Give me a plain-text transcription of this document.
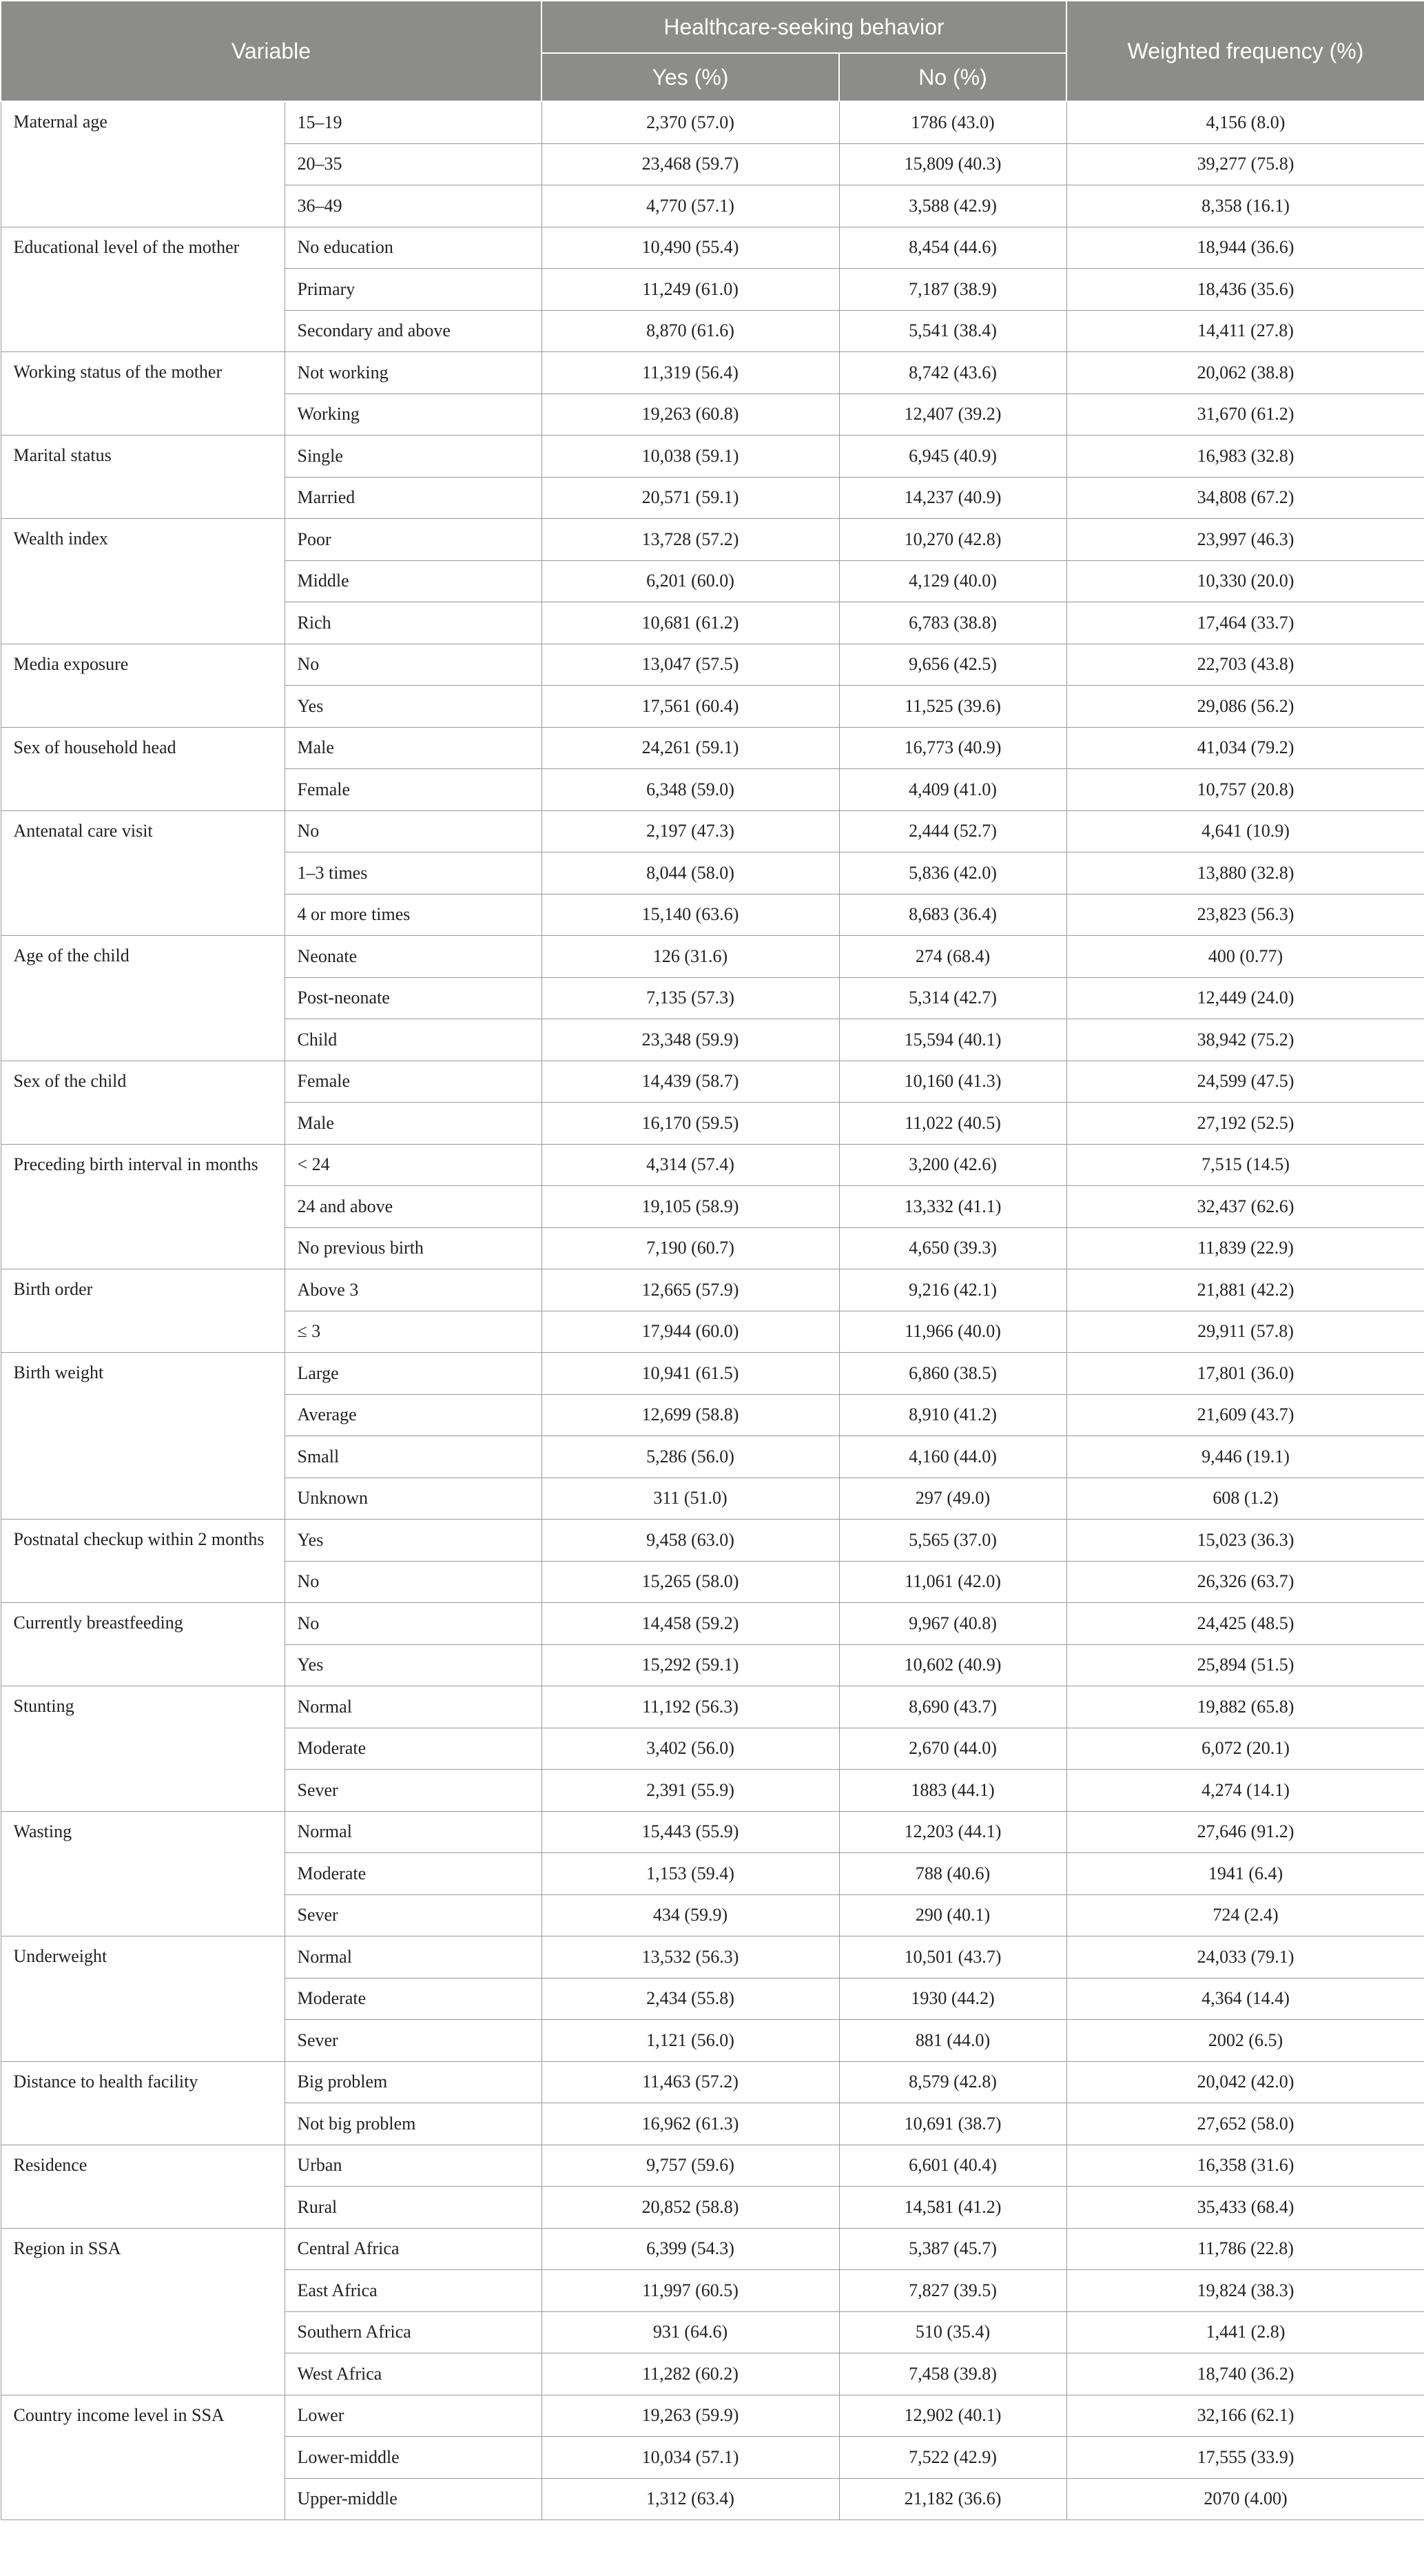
Variable		Healthcare-seeking behavior		Weighted frequency (%)
		Yes (%)	No (%)	
Maternal age	15–19	2,370 (57.0)	1786 (43.0)	4,156 (8.0)
	20–35	23,468 (59.7)	15,809 (40.3)	39,277 (75.8)
	36–49	4,770 (57.1)	3,588 (42.9)	8,358 (16.1)
Educational level of the mother	No education	10,490 (55.4)	8,454 (44.6)	18,944 (36.6)
	Primary	11,249 (61.0)	7,187 (38.9)	18,436 (35.6)
	Secondary and above	8,870 (61.6)	5,541 (38.4)	14,411 (27.8)
Working status of the mother	Not working	11,319 (56.4)	8,742 (43.6)	20,062 (38.8)
	Working	19,263 (60.8)	12,407 (39.2)	31,670 (61.2)
Marital status	Single	10,038 (59.1)	6,945 (40.9)	16,983 (32.8)
	Married	20,571 (59.1)	14,237 (40.9)	34,808 (67.2)
Wealth index	Poor	13,728 (57.2)	10,270 (42.8)	23,997 (46.3)
	Middle	6,201 (60.0)	4,129 (40.0)	10,330 (20.0)
	Rich	10,681 (61.2)	6,783 (38.8)	17,464 (33.7)
Media exposure	No	13,047 (57.5)	9,656 (42.5)	22,703 (43.8)
	Yes	17,561 (60.4)	11,525 (39.6)	29,086 (56.2)
Sex of household head	Male	24,261 (59.1)	16,773 (40.9)	41,034 (79.2)
	Female	6,348 (59.0)	4,409 (41.0)	10,757 (20.8)
Antenatal care visit	No	2,197 (47.3)	2,444 (52.7)	4,641 (10.9)
	1–3 times	8,044 (58.0)	5,836 (42.0)	13,880 (32.8)
	4 or more times	15,140 (63.6)	8,683 (36.4)	23,823 (56.3)
Age of the child	Neonate	126 (31.6)	274 (68.4)	400 (0.77)
	Post-neonate	7,135 (57.3)	5,314 (42.7)	12,449 (24.0)
	Child	23,348 (59.9)	15,594 (40.1)	38,942 (75.2)
Sex of the child	Female	14,439 (58.7)	10,160 (41.3)	24,599 (47.5)
	Male	16,170 (59.5)	11,022 (40.5)	27,192 (52.5)
Preceding birth interval in months	< 24	4,314 (57.4)	3,200 (42.6)	7,515 (14.5)
	24 and above	19,105 (58.9)	13,332 (41.1)	32,437 (62.6)
	No previous birth	7,190 (60.7)	4,650 (39.3)	11,839 (22.9)
Birth order	Above 3	12,665 (57.9)	9,216 (42.1)	21,881 (42.2)
	≤ 3	17,944 (60.0)	11,966 (40.0)	29,911 (57.8)
Birth weight	Large	10,941 (61.5)	6,860 (38.5)	17,801 (36.0)
	Average	12,699 (58.8)	8,910 (41.2)	21,609 (43.7)
	Small	5,286 (56.0)	4,160 (44.0)	9,446 (19.1)
	Unknown	311 (51.0)	297 (49.0)	608 (1.2)
Postnatal checkup within 2 months	Yes	9,458 (63.0)	5,565 (37.0)	15,023 (36.3)
	No	15,265 (58.0)	11,061 (42.0)	26,326 (63.7)
Currently breastfeeding	No	14,458 (59.2)	9,967 (40.8)	24,425 (48.5)
	Yes	15,292 (59.1)	10,602 (40.9)	25,894 (51.5)
Stunting	Normal	11,192 (56.3)	8,690 (43.7)	19,882 (65.8)
	Moderate	3,402 (56.0)	2,670 (44.0)	6,072 (20.1)
	Sever	2,391 (55.9)	1883 (44.1)	4,274 (14.1)
Wasting	Normal	15,443 (55.9)	12,203 (44.1)	27,646 (91.2)
	Moderate	1,153 (59.4)	788 (40.6)	1941 (6.4)
	Sever	434 (59.9)	290 (40.1)	724 (2.4)
Underweight	Normal	13,532 (56.3)	10,501 (43.7)	24,033 (79.1)
	Moderate	2,434 (55.8)	1930 (44.2)	4,364 (14.4)
	Sever	1,121 (56.0)	881 (44.0)	2002 (6.5)
Distance to health facility	Big problem	11,463 (57.2)	8,579 (42.8)	20,042 (42.0)
	Not big problem	16,962 (61.3)	10,691 (38.7)	27,652 (58.0)
Residence	Urban	9,757 (59.6)	6,601 (40.4)	16,358 (31.6)
	Rural	20,852 (58.8)	14,581 (41.2)	35,433 (68.4)
Region in SSA	Central Africa	6,399 (54.3)	5,387 (45.7)	11,786 (22.8)
	East Africa	11,997 (60.5)	7,827 (39.5)	19,824 (38.3)
	Southern Africa	931 (64.6)	510 (35.4)	1,441 (2.8)
	West Africa	11,282 (60.2)	7,458 (39.8)	18,740 (36.2)
Country income level in SSA	Lower	19,263 (59.9)	12,902 (40.1)	32,166 (62.1)
	Lower-middle	10,034 (57.1)	7,522 (42.9)	17,555 (33.9)
	Upper-middle	1,312 (63.4)	21,182 (36.6)	2070 (4.00)
